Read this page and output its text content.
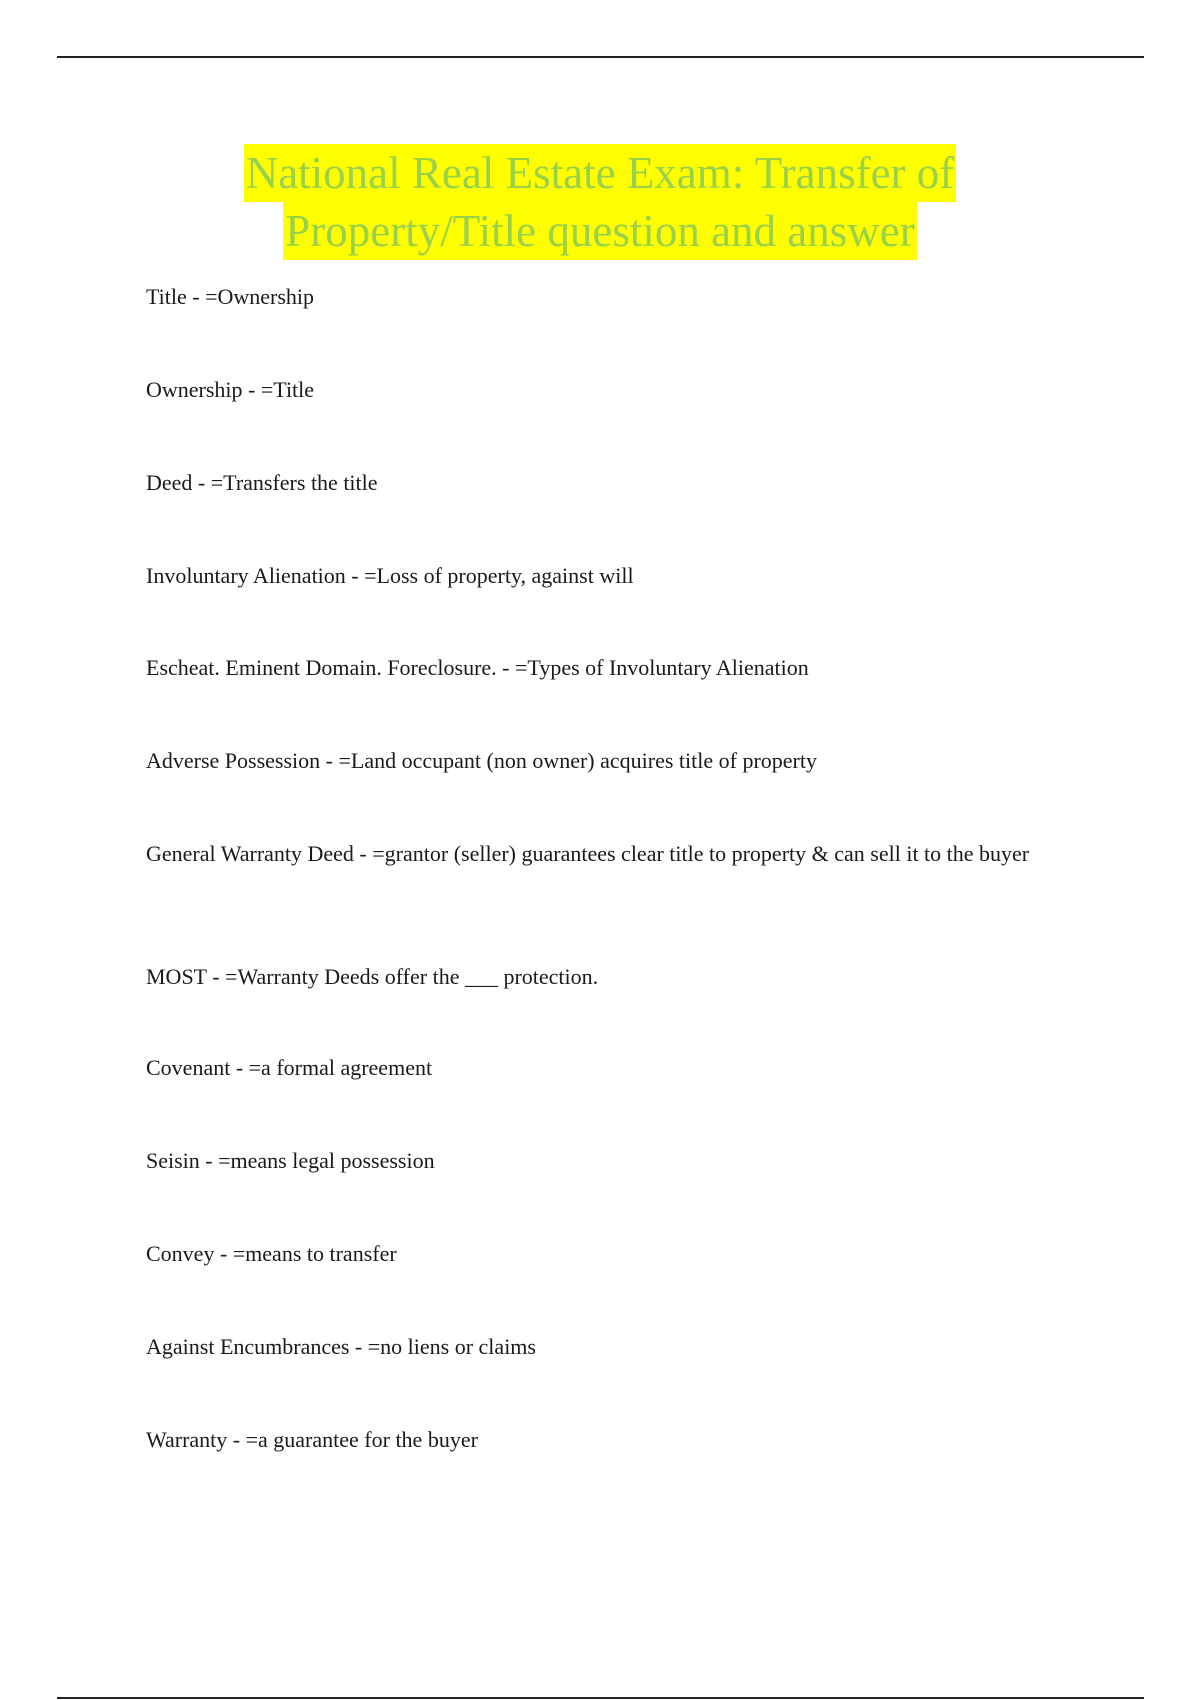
National Real Estate Exam: Transfer of
Property/Title question and answer
Title - =Ownership
Ownership - =Title
Deed - =Transfers the title
Involuntary Alienation - =Loss of property, against will
Escheat. Eminent Domain. Foreclosure. - =Types of Involuntary Alienation
Adverse Possession - =Land occupant (non owner) acquires title of property
General Warranty Deed - =grantor (seller) guarantees clear title to property & can sell it to the buyer
MOST - =Warranty Deeds offer the ___ protection.
Covenant - =a formal agreement
Seisin - =means legal possession
Convey - =means to transfer
Against Encumbrances - =no liens or claims
Warranty - =a guarantee for the buyer
